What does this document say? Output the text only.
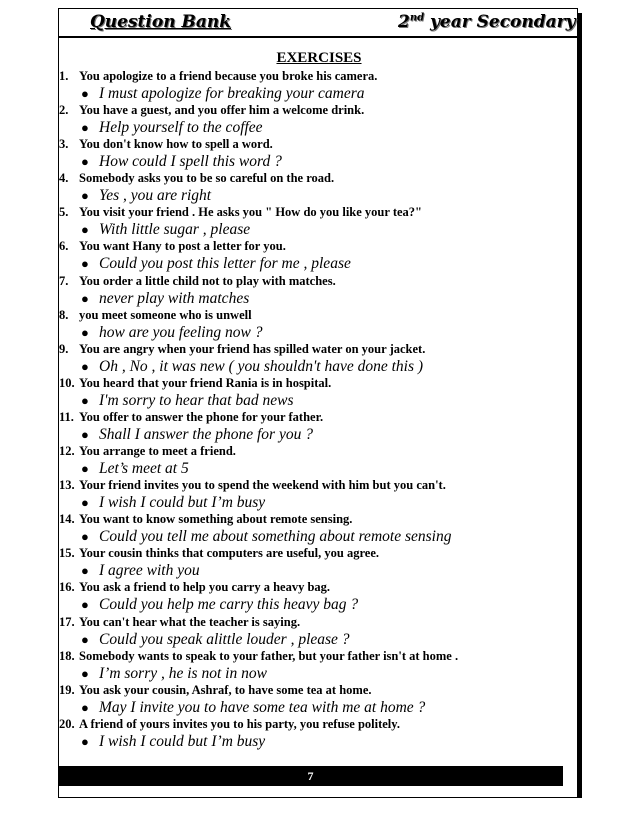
Question Bank	2nd year Secondary
EXERCISES
1. You apologize to a friend because you broke his camera.
● I must apologize for breaking your camera
2. You have a guest, and you offer him a welcome drink.
● Help yourself to the coffee
3. You don't know how to spell a word.
● How could I spell this word ?
4. Somebody asks you to be so careful on the road.
● Yes , you are right
5. You visit your friend . He asks you " How do you like your tea?"
● With little sugar , please
6. You want Hany to post a letter for you.
● Could you post this letter for me , please
7. You order a little child not to play with matches.
● never play with matches
8. you meet someone who is unwell
● how are you feeling now ?
9. You are angry when your friend has spilled water on your jacket.
● Oh , No , it was new ( you shouldn't have done this )
10. You heard that your friend Rania is in hospital.
● I'm sorry to hear that bad news
11. You offer to answer the phone for your father.
● Shall I answer the phone for you ?
12. You arrange to meet a friend.
● Let’s meet at 5
13. Your friend invites you to spend the weekend with him but you can't.
● I wish I could but I’m busy
14. You want to know something about remote sensing.
● Could you tell me about something about remote sensing
15. Your cousin thinks that computers are useful, you agree.
● I agree with you
16. You ask a friend to help you carry a heavy bag.
● Could you help me carry this heavy bag ?
17. You can't hear what the teacher is saying.
● Could you speak alittle louder , please ?
18. Somebody wants to speak to your father, but your father isn't at home .
● I’m sorry , he is not in now
19. You ask your cousin, Ashraf, to have some tea at home.
● May I invite you to have some tea with me at home ?
20. A friend of yours invites you to his party, you refuse politely.
● I wish I could but I’m busy
7
